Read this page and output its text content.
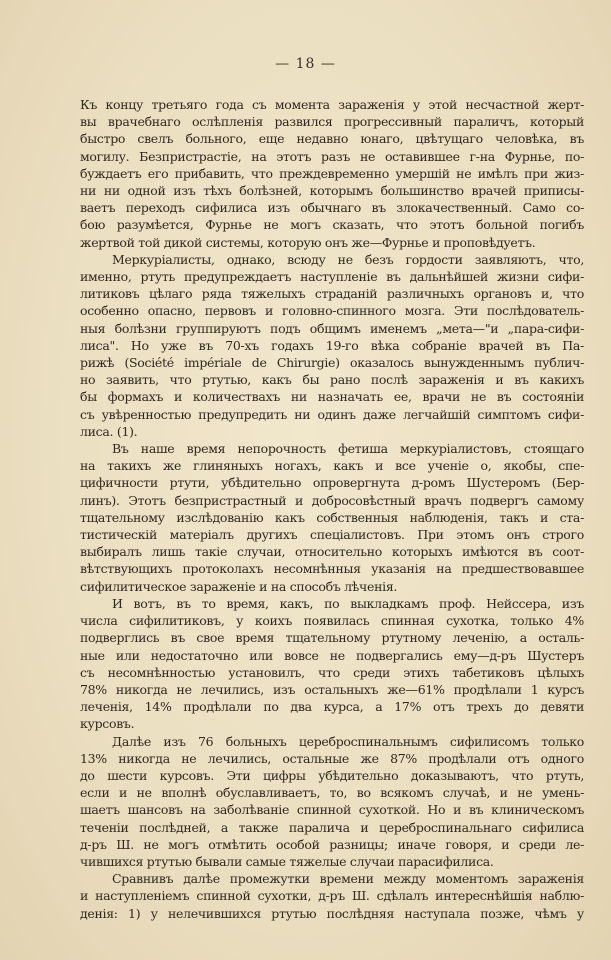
— 18 —

Къ концу третьяго года съ момента зараженія у этой несчастной жерт-

вы врачебнаго ослѣпленія развился прогрессивный параличъ, который

быстро свелъ больного, еще недавно юнаго, цвѣтущаго человѣка, въ

могилу. Безпристрастіе, на этотъ разъ не оставившее г-на Фурнье, по-

буждаетъ его прибавить, что преждевременно умершій не имѣлъ при жиз-

ни ни одной изъ тѣхъ болѣзней, которымъ большинство врачей приписы-

ваетъ переходъ сифилиса изъ обычнаго въ злокачественный. Само со-

бою разумѣется, Фурнье не могъ сказать, что этотъ больной погибъ

жертвой той дикой системы, которую онъ же—Фурнье и проповѣдуетъ.

Меркуріалисты, однако, всюду не безъ гордости заявляютъ, что,

именно, ртуть предупреждаетъ наступленіе въ дальнѣйшей жизни сифи-

литиковъ цѣлаго ряда тяжелыхъ страданій различныхъ органовъ и, что

особенно опасно, первовъ и головно-спинного мозга. Эти послѣдователь-

ныя болѣзни группируютъ подъ общимъ именемъ „мета—"и „пара-сифи-

лиса". Но уже въ 70-хъ годахъ 19-го вѣка собраніе врачей въ Па-

рижѣ (Société impériale de Chirurgie) оказалось вынужденнымъ публич-

но заявить, что ртутью, какъ бы рано послѣ зараженія и въ какихъ

бы формахъ и количествахъ ни назначать ее, врачи не въ состояніи

съ увѣренностью предупредить ни одинъ даже легчайшій симптомъ сифи-

лиса. (1).

Въ наше время непорочность фетиша меркуріалистовъ, стоящаго

на такихъ же глиняныхъ ногахъ, какъ и все ученіе о, якобы, спе-

цифичности ртути, убѣдительно опровергнута д-ромъ Шустеромъ (Бер-

линъ). Этотъ безпристрастный и добросовѣстный врачъ подвергъ самому

тщательному изслѣдованію какъ собственныя наблюденія, такъ и ста-

тистическій матеріалъ другихъ спеціалистовъ. При этомъ онъ строго

выбиралъ лишь такіе случаи, относительно которыхъ имѣются въ соот-

вѣтствующихъ протоколахъ несомнѣнныя указанія на предшествовавшее

сифилитическое зараженіе и на способъ лѣченія.

И вотъ, въ то время, какъ, по выкладкамъ проф. Нейссера, изъ

числа сифилитиковъ, у коихъ появилась спинная сухотка, только 4%

подверглись въ свое время тщательному ртутному леченію, а осталь-

ные или недостаточно или вовсе не подвергались ему—д-ръ Шустеръ

съ несомнѣнностью установилъ, что среди этихъ табетиковъ цѣлыхъ

78% никогда не лечились, изъ остальныхъ же—61% продѣлали 1 курсъ

леченія, 14% продѣлали по два курса, а 17% отъ трехъ до девяти

курсовъ.

Далѣе изъ 76 больныхъ цереброспинальнымъ сифилисомъ только

13% никогда не лечились, остальные же 87% продѣлали отъ одного

до шести курсовъ. Эти цифры убѣдительно доказываютъ, что ртуть,

если и не вполнѣ обуславливаетъ, то, во всякомъ случаѣ, и не умень-

шаетъ шансовъ на заболѣваніе спинной сухоткой. Но и въ клиническомъ

теченіи послѣдней, а также паралича и цереброспинальнаго сифилиса

д-ръ Ш. не могъ отмѣтить особой разницы; иначе говоря, и среди ле-

чившихся ртутью бывали самые тяжелые случаи парасифилиса.

Сравнивъ далѣе промежутки времени между моментомъ зараженія

и наступленіемъ спинной сухотки, д-ръ Ш. сдѣлалъ интереснѣйшія наблю-

денія: 1) у нелечившихся ртутью послѣдняя наступала позже, чѣмъ у
